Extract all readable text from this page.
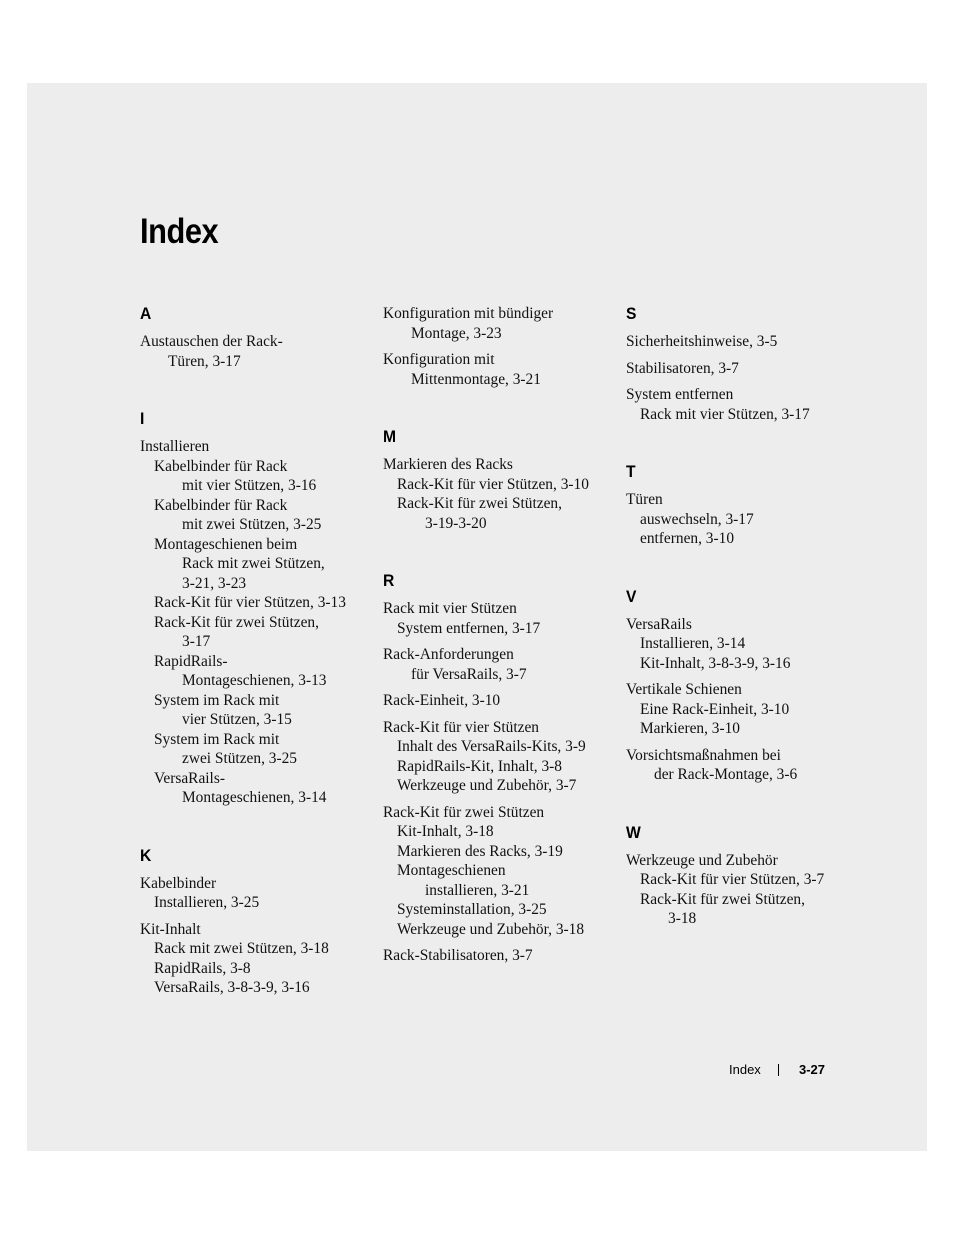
Index
A
Austauschen der Rack-
Türen, 3-17
I
Installieren
Kabelbinder für Rack
mit vier Stützen, 3-16
Kabelbinder für Rack
mit zwei Stützen, 3-25
Montageschienen beim
Rack mit zwei Stützen,
3-21, 3-23
Rack-Kit für vier Stützen, 3-13
Rack-Kit für zwei Stützen,
3-17
RapidRails-
Montageschienen, 3-13
System im Rack mit
vier Stützen, 3-15
System im Rack mit
zwei Stützen, 3-25
VersaRails-
Montageschienen, 3-14
K
Kabelbinder
Installieren, 3-25
Kit-Inhalt
Rack mit zwei Stützen, 3-18
RapidRails, 3-8
VersaRails, 3-8-3-9, 3-16
Konfiguration mit bündiger
Montage, 3-23
Konfiguration mit
Mittenmontage, 3-21
M
Markieren des Racks
Rack-Kit für vier Stützen, 3-10
Rack-Kit für zwei Stützen,
3-19-3-20
R
Rack mit vier Stützen
System entfernen, 3-17
Rack-Anforderungen
für VersaRails, 3-7
Rack-Einheit, 3-10
Rack-Kit für vier Stützen
Inhalt des VersaRails-Kits, 3-9
RapidRails-Kit, Inhalt, 3-8
Werkzeuge und Zubehör, 3-7
Rack-Kit für zwei Stützen
Kit-Inhalt, 3-18
Markieren des Racks, 3-19
Montageschienen
installieren, 3-21
Systeminstallation, 3-25
Werkzeuge und Zubehör, 3-18
Rack-Stabilisatoren, 3-7
S
Sicherheitshinweise, 3-5
Stabilisatoren, 3-7
System entfernen
Rack mit vier Stützen, 3-17
T
Türen
auswechseln, 3-17
entfernen, 3-10
V
VersaRails
Installieren, 3-14
Kit-Inhalt, 3-8-3-9, 3-16
Vertikale Schienen
Eine Rack-Einheit, 3-10
Markieren, 3-10
Vorsichtsmaßnahmen bei
der Rack-Montage, 3-6
W
Werkzeuge und Zubehör
Rack-Kit für vier Stützen, 3-7
Rack-Kit für zwei Stützen,
3-18
Index	3-27
